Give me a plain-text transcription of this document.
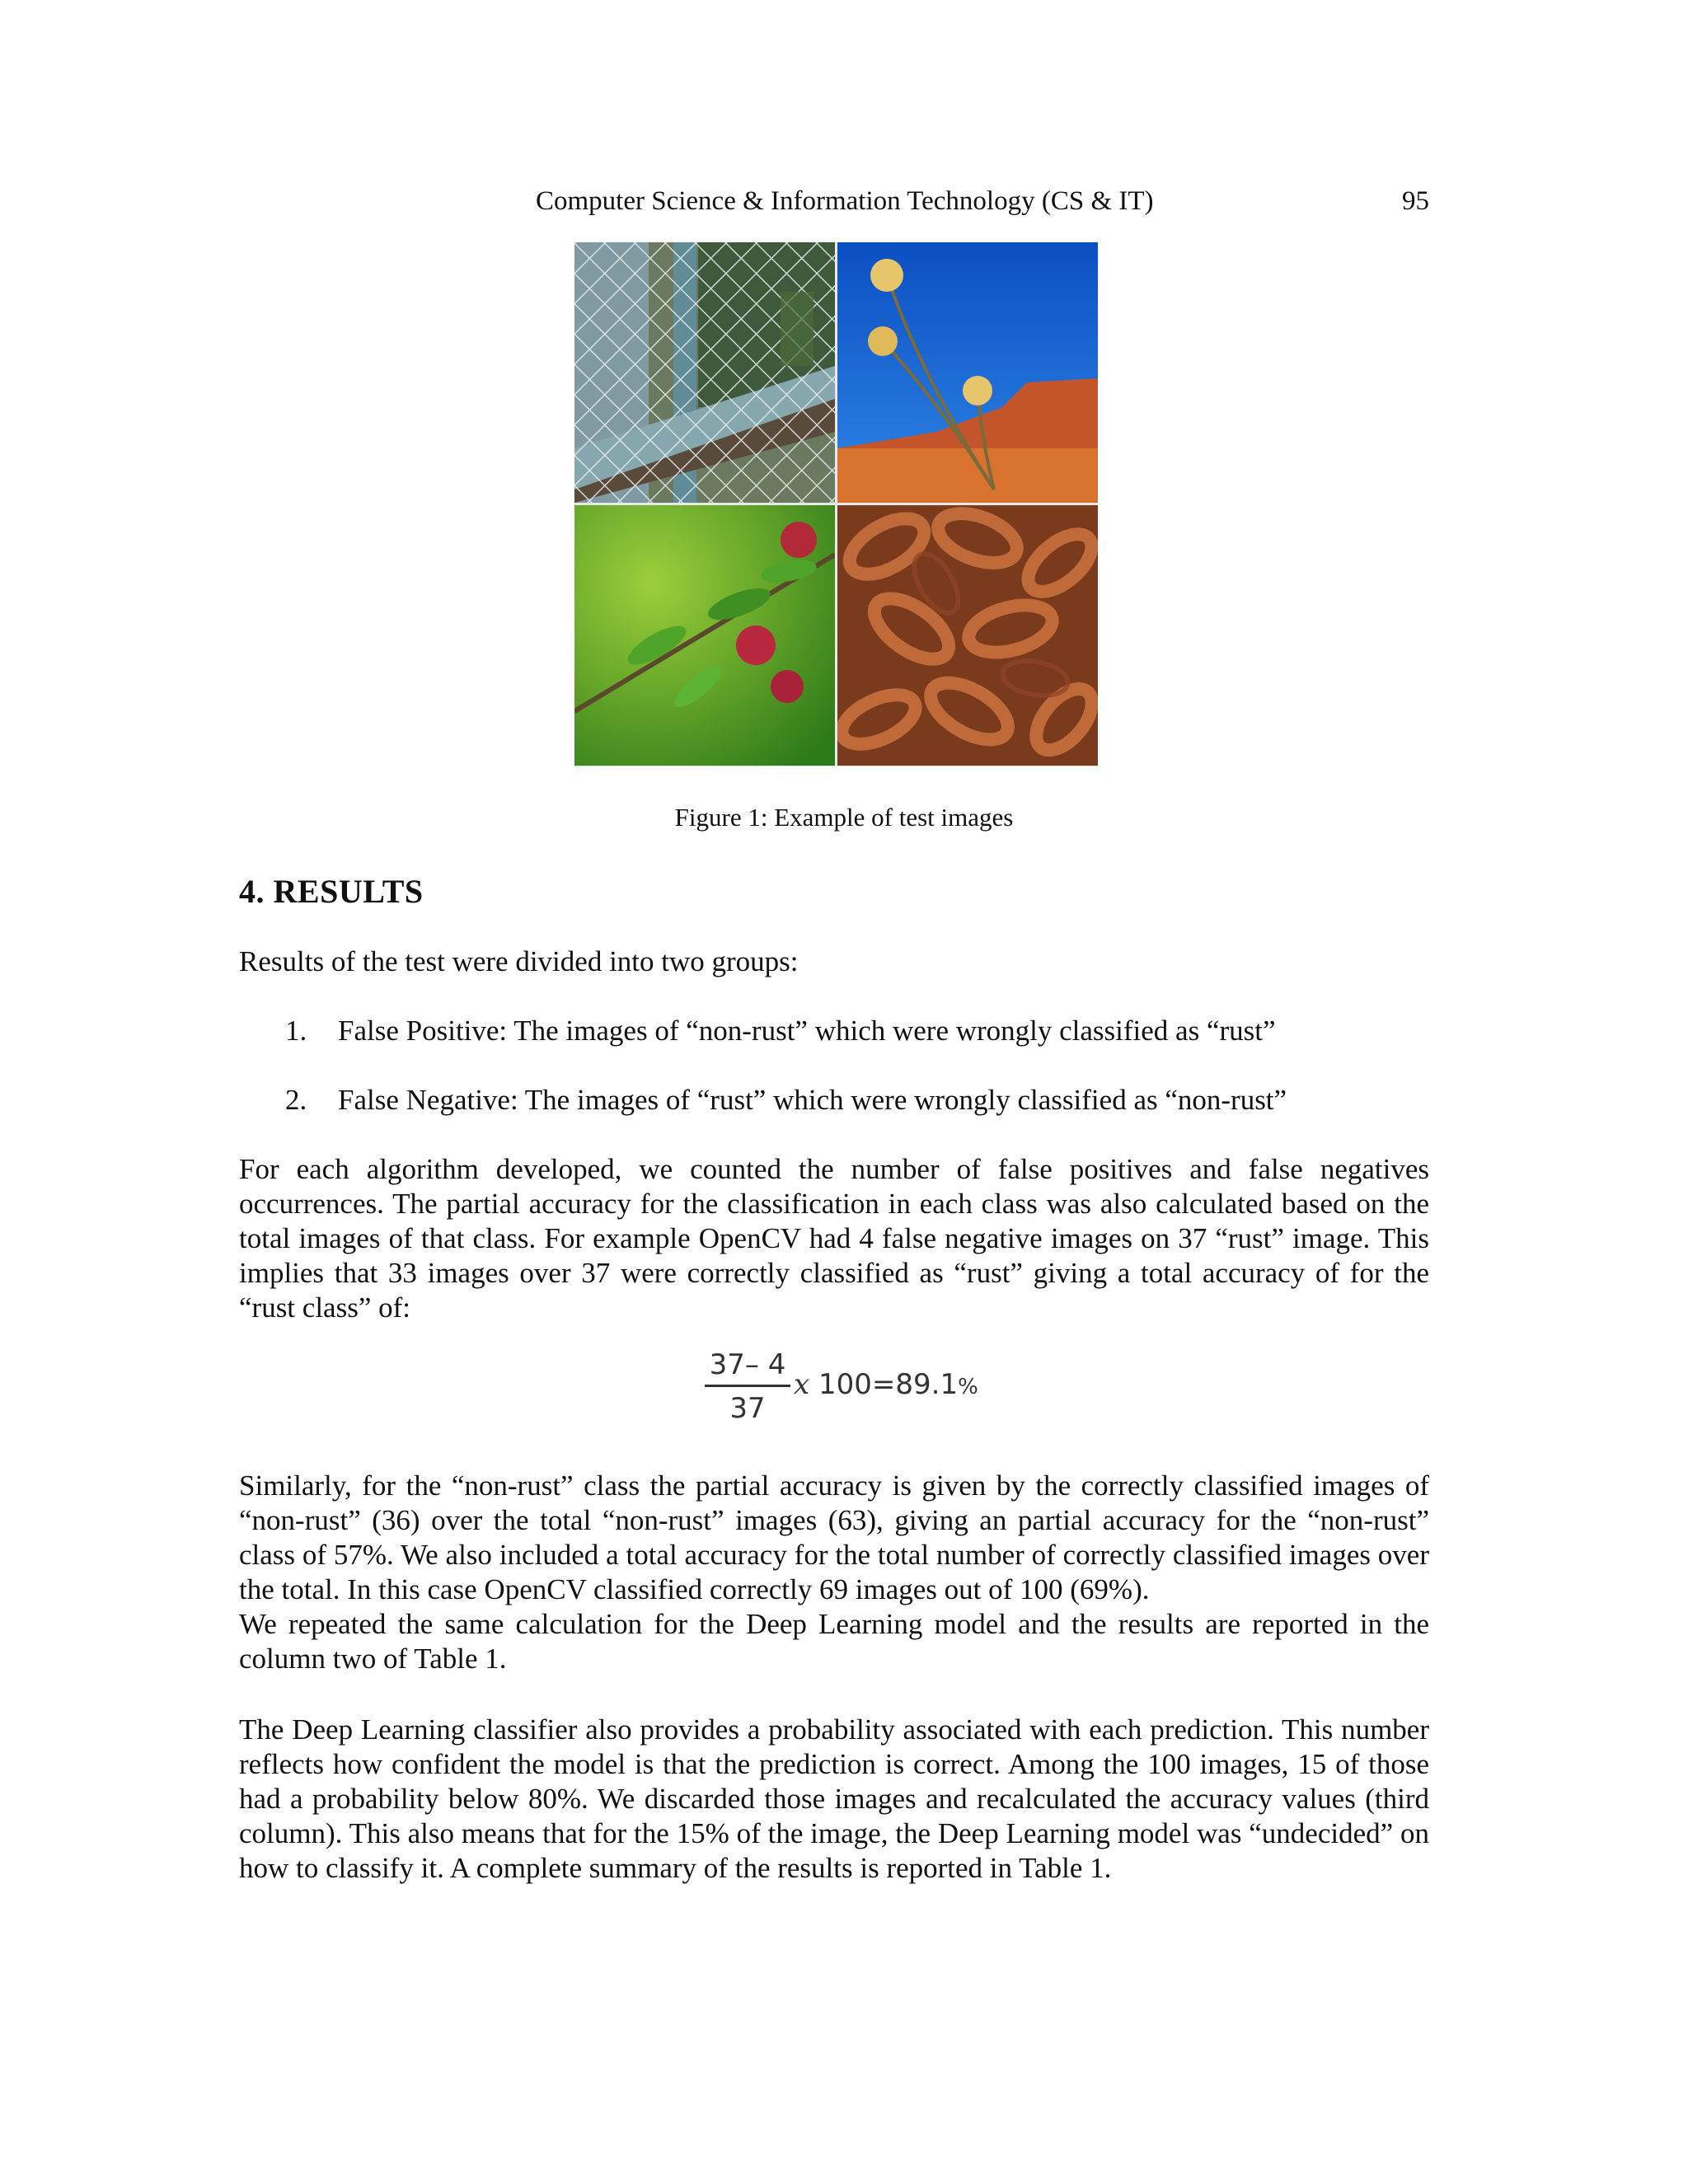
Computer Science & Information Technology (CS & IT)	95
Figure 1: Example of test images
4. RESULTS
Results of the test were divided into two groups:
1. False Positive: The images of “non-rust” which were wrongly classified as “rust”
2. False Negative: The images of “rust” which were wrongly classified as “non-rust”
For each algorithm developed, we counted the number of false positives and false negatives occurrences. The partial accuracy for the classification in each class was also calculated based on the total images of that class. For example OpenCV had 4 false negative images on 37 “rust” image. This implies that 33 images over 37 were correctly classified as “rust” giving a total accuracy of for the “rust class” of:
37– 4
37
x 100=89.1%
Similarly, for the “non-rust” class the partial accuracy is given by the correctly classified images of “non-rust” (36) over the total “non-rust” images (63), giving an partial accuracy for the “non-rust” class of 57%. We also included a total accuracy for the total number of correctly classified images over the total. In this case OpenCV classified correctly 69 images out of 100 (69%).
We repeated the same calculation for the Deep Learning model and the results are reported in the column two of Table 1.
The Deep Learning classifier also provides a probability associated with each prediction. This number reflects how confident the model is that the prediction is correct. Among the 100 images, 15 of those had a probability below 80%. We discarded those images and recalculated the accuracy values (third column). This also means that for the 15% of the image, the Deep Learning model was “undecided” on how to classify it. A complete summary of the results is reported in Table 1.
